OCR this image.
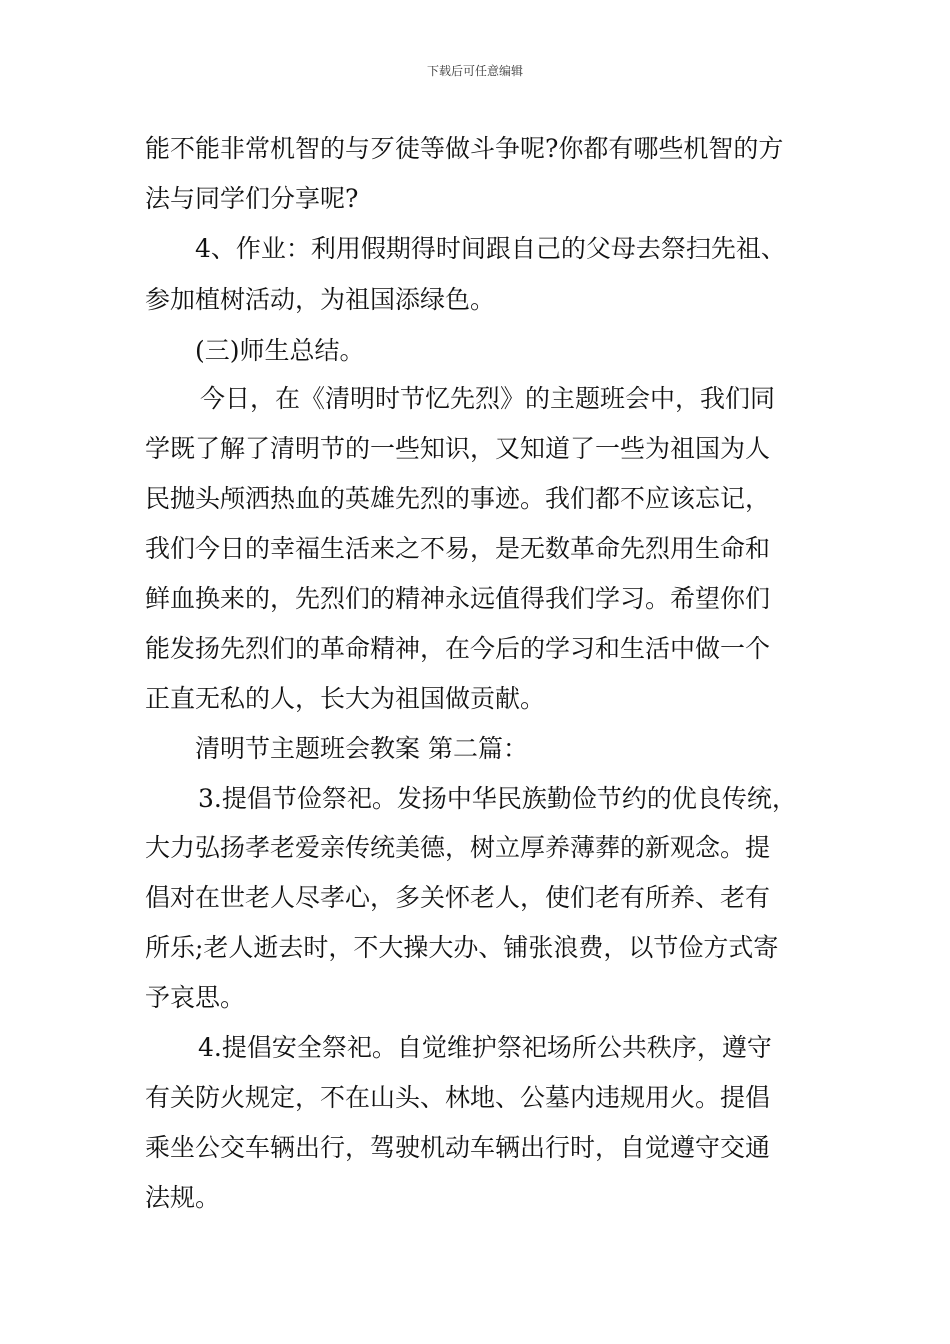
下载后可任意编辑
能不能非常机智的与歹徒等做斗争呢?你都有哪些机智的方
法与同学们分享呢?
4、作业：利用假期得时间跟自己的父母去祭扫先祖、
参加植树活动，为祖国添绿色。
(三)师生总结。
今日，在《清明时节忆先烈》的主题班会中，我们同
学既了解了清明节的一些知识，又知道了一些为祖国为人
民抛头颅洒热血的英雄先烈的事迹。我们都不应该忘记，
我们今日的幸福生活来之不易，是无数革命先烈用生命和
鲜血换来的，先烈们的精神永远值得我们学习。希望你们
能发扬先烈们的革命精神，在今后的学习和生活中做一个
正直无私的人，长大为祖国做贡献。
清明节主题班会教案 第二篇：
3.提倡节俭祭祀。发扬中华民族勤俭节约的优良传统，
大力弘扬孝老爱亲传统美德，树立厚养薄葬的新观念。提
倡对在世老人尽孝心，多关怀老人，使们老有所养、老有
所乐;老人逝去时，不大操大办、铺张浪费，以节俭方式寄
予哀思。
4.提倡安全祭祀。自觉维护祭祀场所公共秩序，遵守
有关防火规定，不在山头、林地、公墓内违规用火。提倡
乘坐公交车辆出行，驾驶机动车辆出行时，自觉遵守交通
法规。
